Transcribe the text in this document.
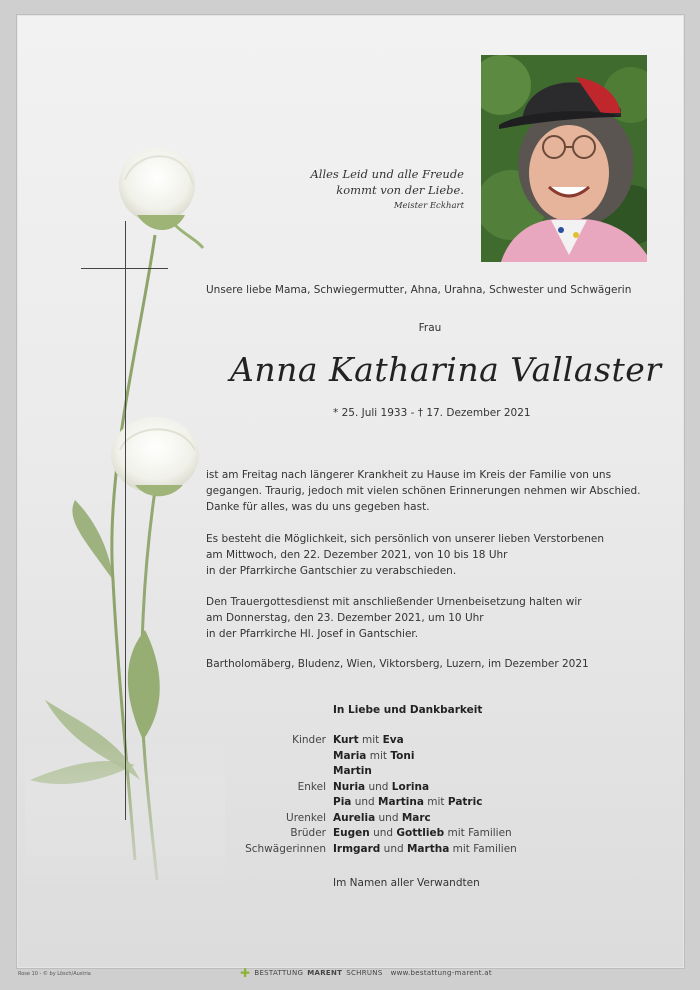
Alles Leid und alle Freude
kommt von der Liebe.
Meister Eckhart
Unsere liebe Mama, Schwiegermutter, Ahna, Urahna, Schwester und Schwägerin
Frau
Anna Katharina Vallaster
* 25. Juli 1933 - † 17. Dezember 2021
ist am Freitag nach längerer Krankheit zu Hause im Kreis der Familie von uns
gegangen. Traurig, jedoch mit vielen schönen Erinnerungen nehmen wir Abschied.
Danke für alles, was du uns gegeben hast.
Es besteht die Möglichkeit, sich persönlich von unserer lieben Verstorbenen
am Mittwoch, den 22. Dezember 2021, von 10 bis 18 Uhr
in der Pfarrkirche Gantschier zu verabschieden.
Den Trauergottesdienst mit anschließender Urnenbeisetzung halten wir
am Donnerstag, den 23. Dezember 2021, um 10 Uhr
in der Pfarrkirche Hl. Josef in Gantschier.
Bartholomäberg, Bludenz, Wien, Viktorsberg, Luzern, im Dezember 2021
In Liebe und Dankbarkeit
Kinder Kurt mit Eva
Maria mit Toni
Martin
Enkel Nuria und Lorina
Pia und Martina mit Patric
Urenkel Aurelia und Marc
Brüder Eugen und Gottlieb mit Familien
Schwägerinnen Irmgard und Martha mit Familien
Im Namen aller Verwandten
Rose 10 - © by Lösch/Austria	✚ BESTATTUNG MARENT SCHRUNS www.bestattung-marent.at
